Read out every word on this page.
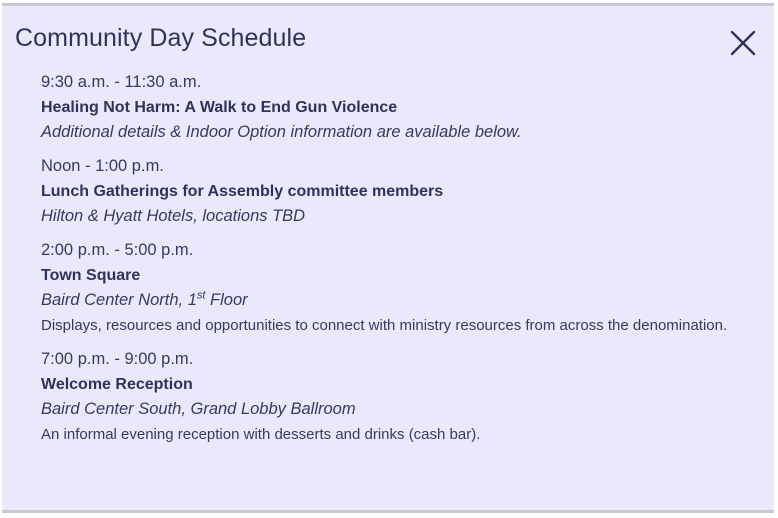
Community Day Schedule
9:30 a.m. - 11:30 a.m.
Healing Not Harm: A Walk to End Gun Violence
Additional details & Indoor Option information are available below.
Noon - 1:00 p.m.
Lunch Gatherings for Assembly committee members
Hilton & Hyatt Hotels, locations TBD
2:00 p.m. - 5:00 p.m.
Town Square
Baird Center North, 1st Floor
Displays, resources and opportunities to connect with ministry resources from across the denomination.
7:00 p.m. - 9:00 p.m.
Welcome Reception
Baird Center South, Grand Lobby Ballroom
An informal evening reception with desserts and drinks (cash bar).
